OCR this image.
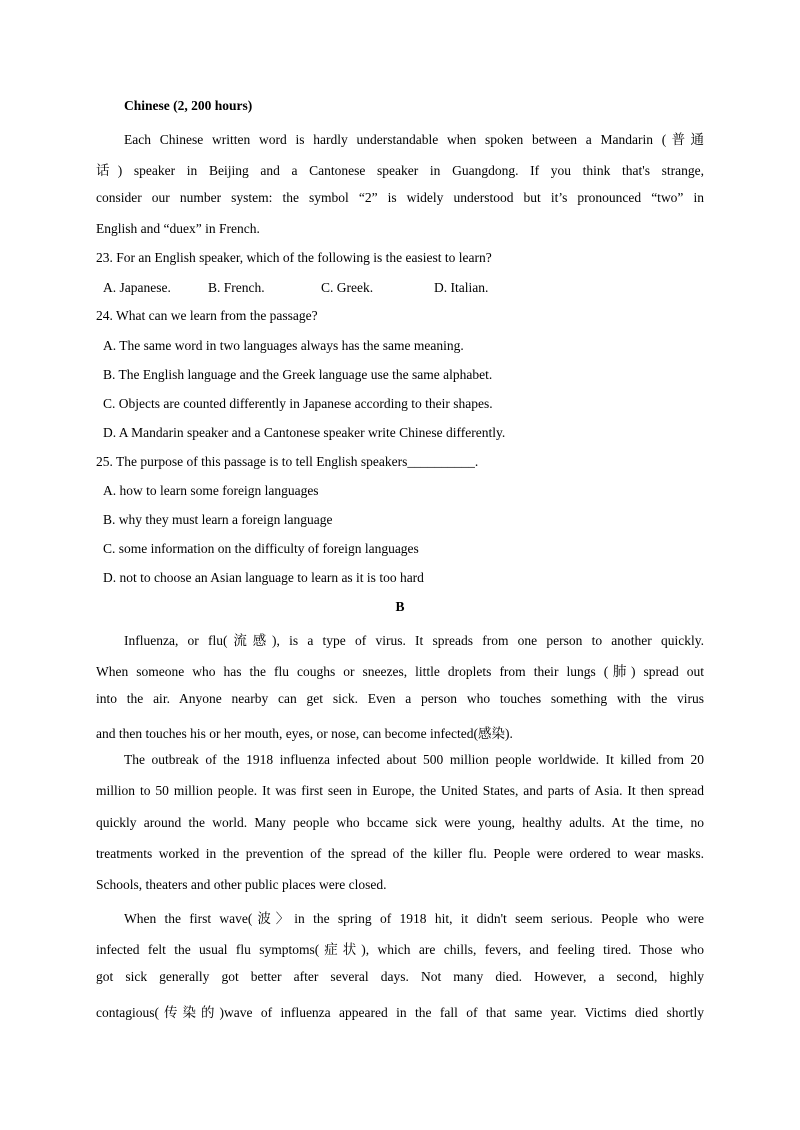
Chinese (2, 200 hours)
Each Chinese written word is hardly understandable when spoken between a Mandarin (普通
话) speaker in Beijing and a Cantonese speaker in Guangdong. If you think that's strange,
consider our number system: the symbol “2” is widely understood but it’s pronounced “two” in
English and “duex” in French.
23. For an English speaker, which of the following is the easiest to learn?
A. Japanese.	B. French.	C. Greek.	D. Italian.
24. What can we learn from the passage?
A. The same word in two languages always has the same meaning.
B. The English language and the Greek language use the same alphabet.
C. Objects are counted differently in Japanese according to their shapes.
D. A Mandarin speaker and a Cantonese speaker write Chinese differently.
25. The purpose of this passage is to tell English speakers__________.
A. how to learn some foreign languages
B. why they must learn a foreign language
C. some information on the difficulty of foreign languages
D. not to choose an Asian language to learn as it is too hard
B
Influenza, or flu(流感), is a type of virus. It spreads from one person to another quickly.
When someone who has the flu coughs or sneezes, little droplets from their lungs (肺) spread out
into the air. Anyone nearby can get sick. Even a person who touches something with the virus
and then touches his or her mouth, eyes, or nose, can become infected(感染).
The outbreak of the 1918 influenza infected about 500 million people worldwide. It killed from 20
million to 50 million people. It was first seen in Europe, the United States, and parts of Asia. It then spread
quickly around the world. Many people who bccame sick were young, healthy adults. At the time, no
treatments worked in the prevention of the spread of the killer flu. People were ordered to wear masks.
Schools, theaters and other public places were closed.
When the first wave(波〉in the spring of 1918 hit, it didn't seem serious. People who were
infected felt the usual flu symptoms(症状), which are chills, fevers, and feeling tired. Those who
got sick generally got better after several days. Not many died. However, a second, highly
contagious(传染的)wave of influenza appeared in the fall of that same year. Victims died shortly
